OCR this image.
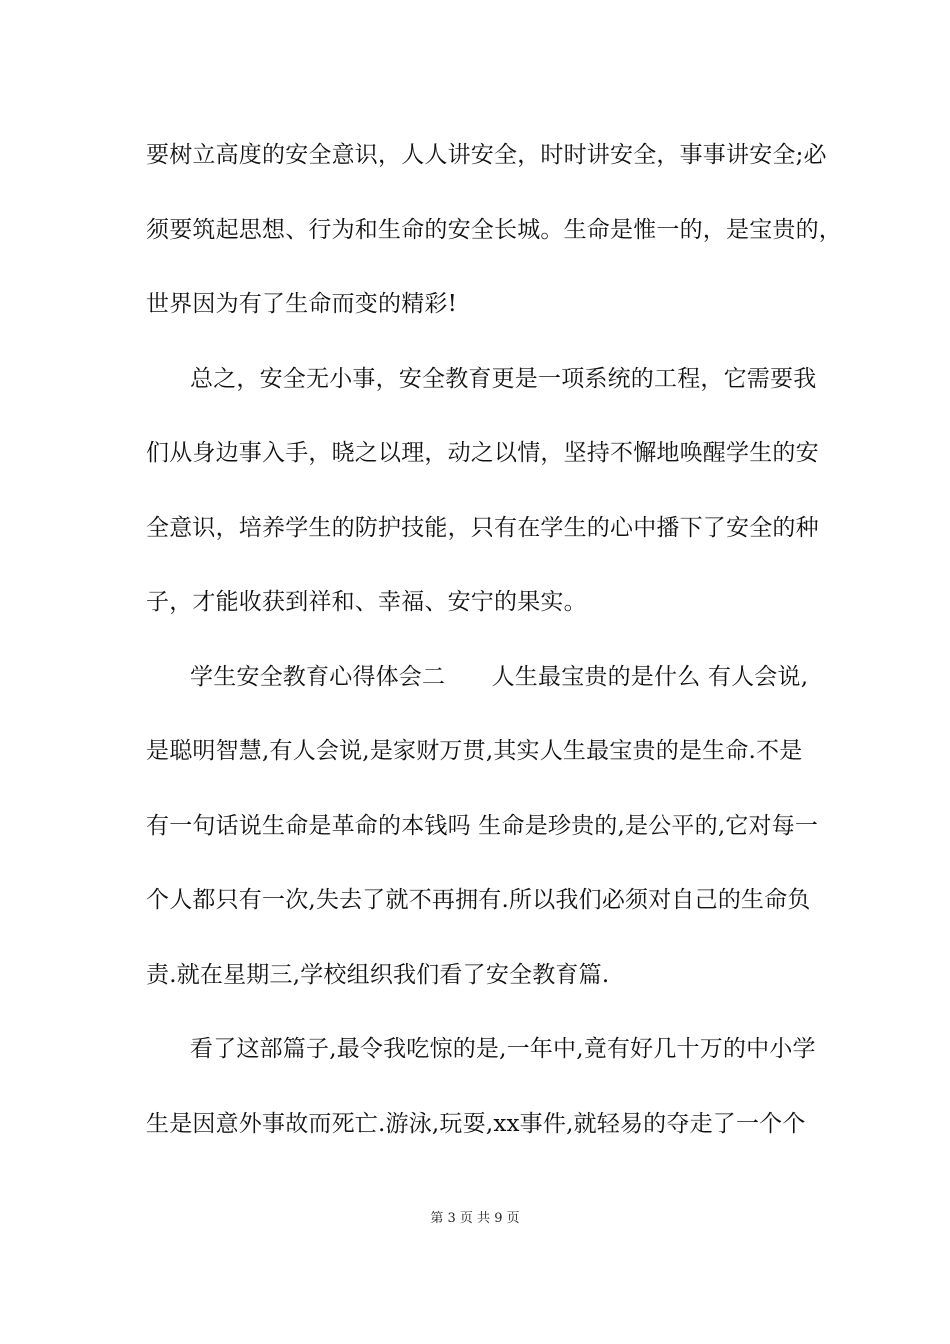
要树立高度的安全意识，人人讲安全，时时讲安全，事事讲安全;必
须要筑起思想、行为和生命的安全长城。生命是惟一的，是宝贵的，
世界因为有了生命而变的精彩!
总之，安全无小事，安全教育更是一项系统的工程，它需要我
们从身边事入手，晓之以理，动之以情，坚持不懈地唤醒学生的安
全意识，培养学生的防护技能，只有在学生的心中播下了安全的种
子，才能收获到祥和、幸福、安宁的果实。
学生安全教育心得体会二　　人生最宝贵的是什么 有人会说,
是聪明智慧,有人会说,是家财万贯,其实人生最宝贵的是生命.不是
有一句话说生命是革命的本钱吗 生命是珍贵的,是公平的,它对每一
个人都只有一次,失去了就不再拥有.所以我们必须对自己的生命负
责.就在星期三,学校组织我们看了安全教育篇.
看了这部篇子,最令我吃惊的是,一年中,竟有好几十万的中小学
生是因意外事故而死亡.游泳,玩耍,xx事件,就轻易的夺走了一个个
第 3 页 共 9 页
